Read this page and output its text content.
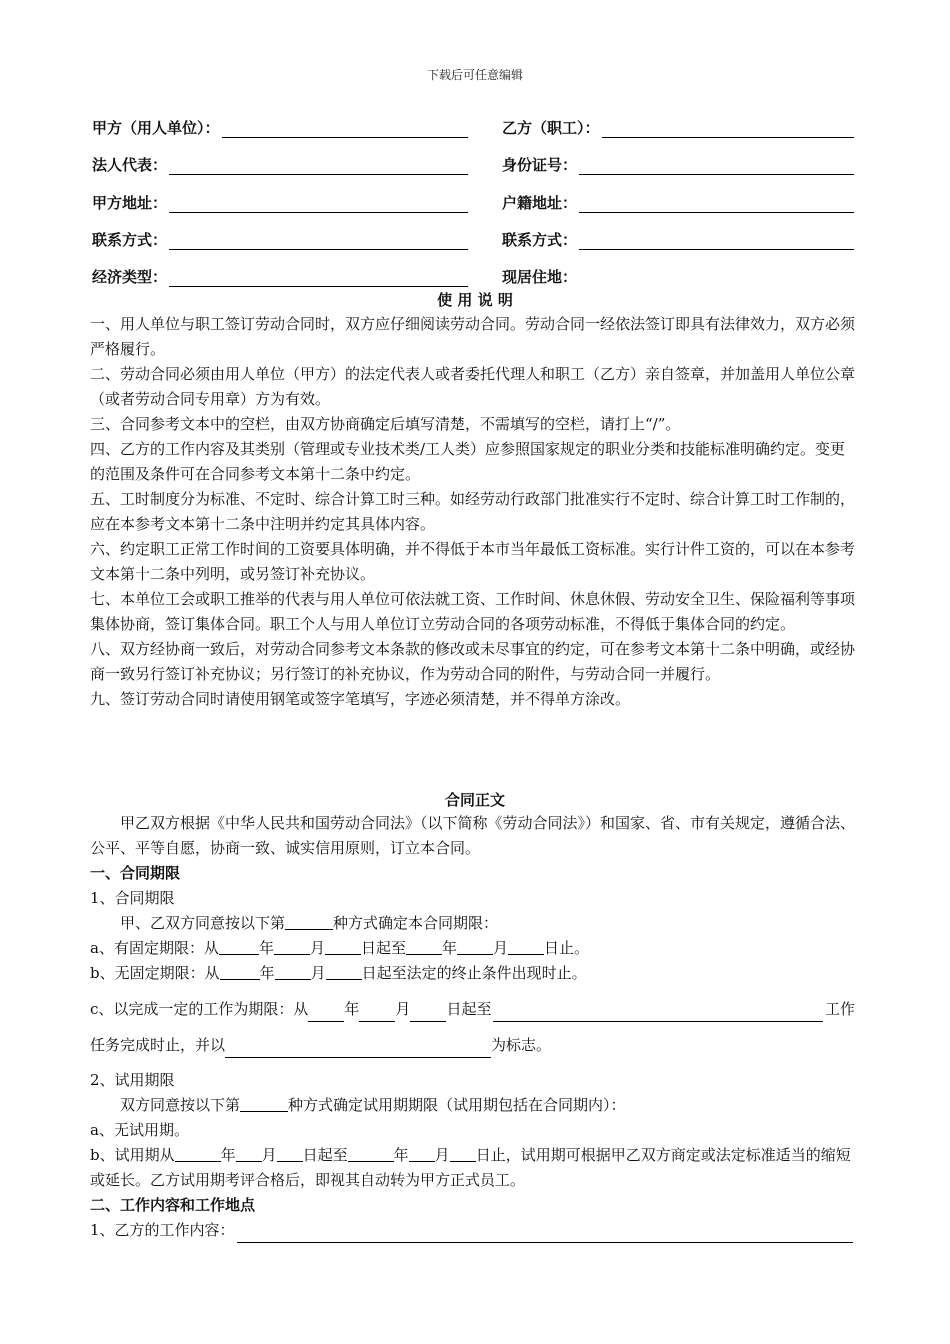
下载后可任意编辑
甲方（用人单位）：	乙方（职工）：
法人代表：	身份证号：
甲方地址：	户籍地址：
联系方式：	联系方式：
经济类型：	现居住地：
使 用 说 明

一、用人单位与职工签订劳动合同时，双方应仔细阅读劳动合同。劳动合同一经依法签订即具有法律效力，双方必须严格履行。

二、劳动合同必须由用人单位（甲方）的法定代表人或者委托代理人和职工（乙方）亲自签章，并加盖用人单位公章（或者劳动合同专用章）方为有效。

三、合同参考文本中的空栏，由双方协商确定后填写清楚，不需填写的空栏，请打上“/”。

四、乙方的工作内容及其类别（管理或专业技术类/工人类）应参照国家规定的职业分类和技能标准明确约定。变更的范围及条件可在合同参考文本第十二条中约定。

五、工时制度分为标准、不定时、综合计算工时三种。如经劳动行政部门批准实行不定时、综合计算工时工作制的，应在本参考文本第十二条中注明并约定其具体内容。

六、约定职工正常工作时间的工资要具体明确，并不得低于本市当年最低工资标准。实行计件工资的，可以在本参考文本第十二条中列明，或另签订补充协议。

七、本单位工会或职工推举的代表与用人单位可依法就工资、工作时间、休息休假、劳动安全卫生、保险福利等事项集体协商，签订集体合同。职工个人与用人单位订立劳动合同的各项劳动标准，不得低于集体合同的约定。

八、双方经协商一致后，对劳动合同参考文本条款的修改或未尽事宜的约定，可在参考文本第十二条中明确，或经协商一致另行签订补充协议；另行签订的补充协议，作为劳动合同的附件，与劳动合同一并履行。

九、签订劳动合同时请使用钢笔或签字笔填写，字迹必须清楚，并不得单方涂改。

合同正文

甲乙双方根据《中华人民共和国劳动合同法》（以下简称《劳动合同法》）和国家、省、市有关规定，遵循合法、公平、平等自愿，协商一致、诚实信用原则，订立本合同。

一、合同期限

1、合同期限

甲、乙双方同意按以下第	种方式确定本合同期限：

a、有固定期限：从	年 月 日起至 年 月 日止。

b、无固定期限：从	年 月 日起至法定的终止条件出现时止。

c、以完成一定的工作为期限：从 年 月 日起至	工作
任务完成时止，并以	为标志。

2、试用期限

双方同意按以下第	种方式确定试用期期限（试用期包括在合同期内）：

a、无试用期。

b、试用期从	年 月 日起至	年 月 日止，试用期可根据甲乙双方商定或法定标准适当的缩短或延长。乙方试用期考评合格后，即视其自动转为甲方正式员工。

二、工作内容和工作地点

1、乙方的工作内容：
